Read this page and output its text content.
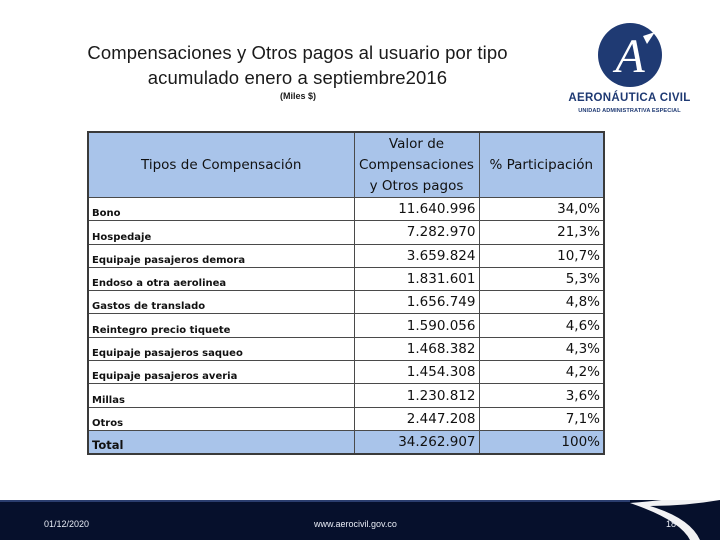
Compensaciones y Otros pagos al usuario por tipo acumulado enero a septiembre2016
(Miles $)
A
AERONÁUTICA CIVIL
UNIDAD ADMINISTRATIVA ESPECIAL
Tipos de Compensación	Valor de Compensaciones y Otros pagos	% Participación
Bono	11.640.996	34,0%
Hospedaje	7.282.970	21,3%
Equipaje pasajeros demora	3.659.824	10,7%
Endoso a otra aerolinea	1.831.601	5,3%
Gastos de translado	1.656.749	4,8%
Reintegro precio tiquete	1.590.056	4,6%
Equipaje pasajeros saqueo	1.468.382	4,3%
Equipaje pasajeros averia	1.454.308	4,2%
Millas	1.230.812	3,6%
Otros	2.447.208	7,1%
Total	34.262.907	100%
01/12/2020	www.aerocivil.gov.co	18
